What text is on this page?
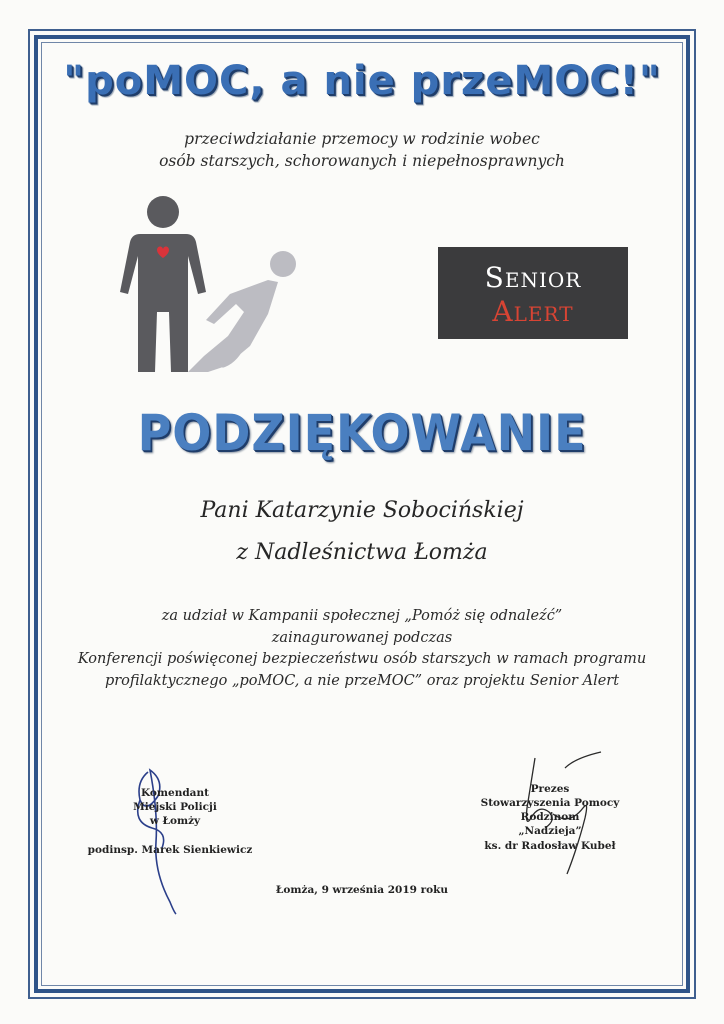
"poMOC, a nie przeMOC!"
przeciwdziałanie przemocy w rodzinie wobec
osób starszych, schorowanych i niepełnosprawnych
Senior
Alert
PODZIĘKOWANIE
Pani Katarzynie Sobocińskiej
z Nadleśnictwa Łomża
za udział w Kampanii społecznej „Pomóż się odnaleźć”
zainagurowanej podczas
Konferencji poświęconej bezpieczeństwu osób starszych w ramach programu
profilaktycznego „poMOC, a nie przeMOC” oraz projektu Senior Alert
Komendant
Miejski Policji
w Łomży
podinsp. Marek Sienkiewicz
Prezes
Stowarzyszenia Pomocy Rodzinom
„Nadzieja”
ks. dr Radosław Kubeł
Łomża, 9 września 2019 roku
